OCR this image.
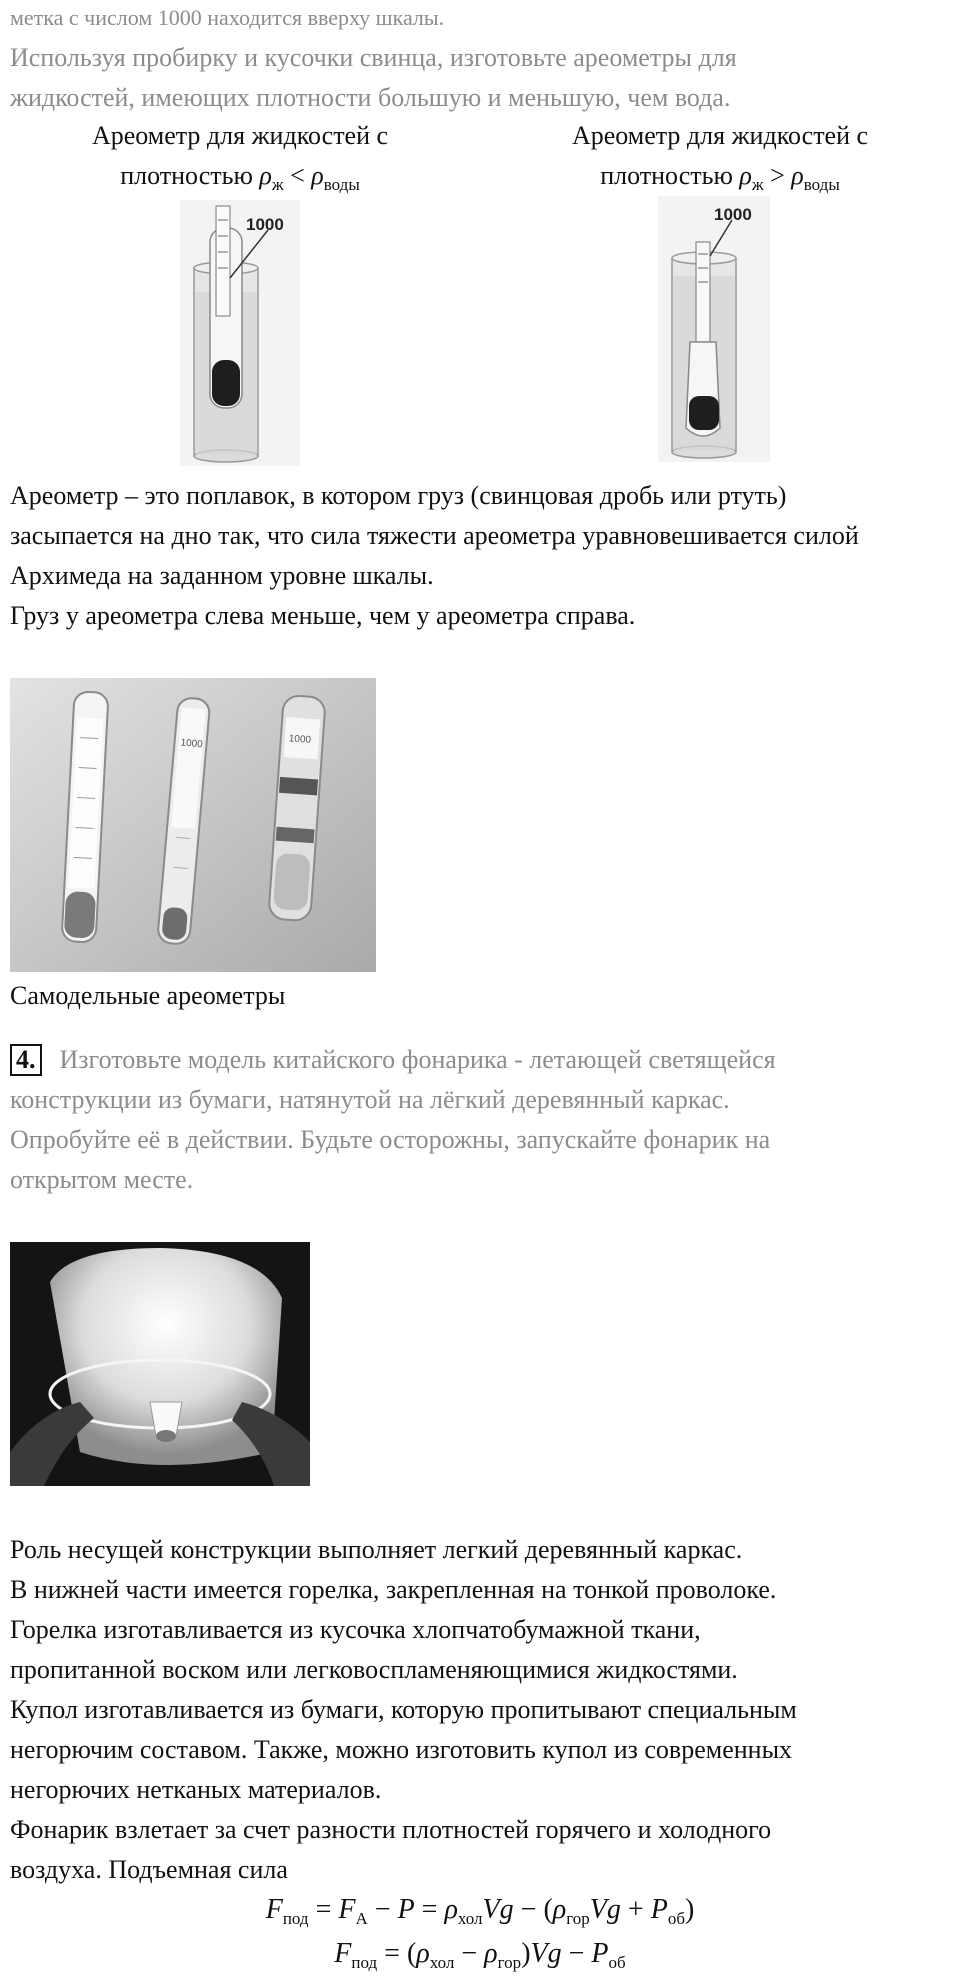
метка с числом 1000 находится вверху шкалы.
Используя пробирку и кусочки свинца, изготовьте ареометры для
жидкостей, имеющих плотности большую и меньшую, чем вода.
Ареометр для жидкостей с
плотностью $\rho_ж < \rho_{воды}$
Ареометр для жидкостей с
плотностью $\rho_ж > \rho_{воды}$
1000
1000
Ареометр – это поплавок, в котором груз (свинцовая дробь или ртуть)
засыпается на дно так, что сила тяжести ареометра уравновешивается силой
Архимеда на заданном уровне шкалы.
Груз у ареометра слева меньше, чем у ареометра справа.
1000	1000
Самодельные ареометры
4. Изготовьте модель китайского фонарика - летающей светящейся
конструкции из бумаги, натянутой на лёгкий деревянный каркас.
Опробуйте её в действии. Будьте осторожны, запускайте фонарик на
открытом месте.
Роль несущей конструкции выполняет легкий деревянный каркас.
В нижней части имеется горелка, закрепленная на тонкой проволоке.
Горелка изготавливается из кусочка хлопчатобумажной ткани,
пропитанной воском или легковоспламеняющимися жидкостями.
Купол изготавливается из бумаги, которую пропитывают специальным
негорючим составом. Также, можно изготовить купол из современных
негорючих нетканых материалов.
Фонарик взлетает за счет разности плотностей горячего и холодного
воздуха. Подъемная сила
$F_{под} = F_A - P = \rho_{хол}Vg - (\rho_{гор}Vg + P_{об})$
$F_{под} = (\rho_{хол} - \rho_{гор})Vg - P_{об}$
